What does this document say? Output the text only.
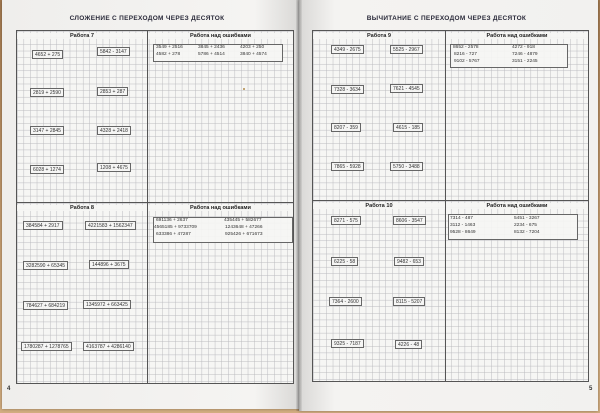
СЛОЖЕНИЕ С ПЕРЕХОДОМ ЧЕРЕЗ ДЕСЯТОК
Работа 7
4652 + 275	5842 - 3147
2819 + 2590	2853 + 287
3147 + 2845	4328 + 2418
6028 + 1274	1208 + 4675
Работа над ошибками
3549 + 2516	3845 + 2436	4203 + 250
4582 + 278	5786 + 4514	3840 + 4574
Работа 8
384584 + 2917	4221583 + 1562347
3282590 + 65345	144896 + 3675
784627 + 684219	1345972 + 663425
1780287 + 1278765	4163787 + 4286140
Работа над ошибками
691136 + 2637	435445 + 582677
4565185 + 9733709	1243648 + 47266
633386 + 47287	925426 + 671673
4
ВЫЧИТАНИЕ С ПЕРЕХОДОМ ЧЕРЕЗ ДЕСЯТОК
Работа 9
4349 - 2675	5525 - 2967
7328 - 3634	7621 - 4545
8207 - 359	4615 - 185
7865 - 5928	5750 - 3488
Работа над ошибками
8652 - 2578	4272 - 918
8216 - 727	7246 - 4879
9102 - 5767	3151 - 2245
Работа 10
8271 - 575	8606 - 3547
6225 - 58	9482 - 653
7364 - 2600	8115 - 5207
9325 - 7187	4226 - 48
Работа над ошибками
7314 - 487	5451 - 3267
3112 - 1463	2234 - 675
9528 - 8649	8132 - 7204
5
